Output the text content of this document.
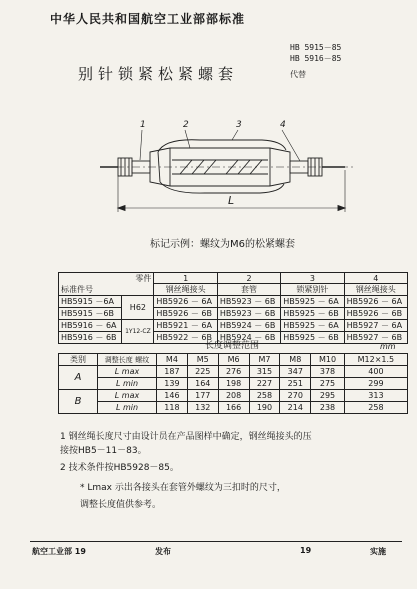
中华人民共和国航空工业部部标准
HB 5915－85
HB 5916－85
代替
别针锁紧松紧螺套
1	2	3	4
L
标记示例：螺纹为M6的松紧螺套
零件
标准件号		1	2	3	4
		钢丝绳接头	套管	锁紧别针	钢丝绳接头
HB5915 －6A	H62	HB5926 － 6A	HB5923 － 6B	HB5925 － 6A	HB5926 － 6A
HB5915 －6B		HB5926 － 6B	HB5923 － 6B	HB5925 － 6B	HB5926 － 6B
HB5916 － 6A	1Y12-CZ	HB5921 － 6A	HB5924 － 6B	HB5925 － 6A	HB5927 － 6A
HB5916 － 6B		HB5922 － 6B	HB5924 － 6B	HB5925 － 6B	HB5927 － 6B
长度调整范围	mm
类别	调整长度 螺纹	M4	M5	M6	M7	M8	M10	M12×1.5
A	L max	187	225	276	315	347	378	400
	L min	139	164	198	227	251	275	299
B	L max	146	177	208	258	270	295	313
	L min	118	132	166	190	214	238	258
1 钢丝绳长度尺寸由设计员在产品图样中确定，钢丝绳接头的压
接按HB5－11－83。
2 技术条件按HB5928－85。
* Lmax 示出各接头在套管外螺纹为三扣时的尺寸，
调整长度值供参考。
航空工业部 19	发布	19	实施
